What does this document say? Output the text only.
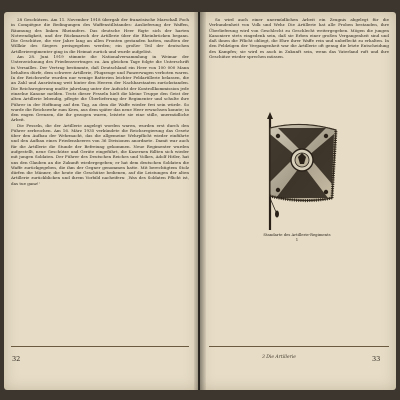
28 Geschützen. Am 11. November 1918 übergab der französische Marschall Foch in Compiègne die Bedingungen des Waffenstillstandes: Auslieferung der Waffen, Räumung des linken Rheinufers. Das deutsche Heer fügte sich der harten Notwendigkeit, und der Rückmarsch der Artillerie über die Rheinbrücken begann. Die Geschütze, die vier Jahre lang an allen Fronten gestanden hatten, mußten der Willkür des Siegers preisgegeben werden; ein großer Teil der deutschen Artillerieregimenter ging in die Heimat zurück und wurde aufgelöst.

Am 28. Juni 1919 stimmte die Nationalversammlung in Weimar der Unterzeichnung des Friedensvertrages zu. Am gleichen Tage folgte die Unterschrift in Versailles. Der Vertrag bestimmte, daß Deutschland ein Heer von 100 000 Mann behalten dürfe, dem schwere Artillerie, Flugzeuge und Panzerwagen verboten waren. In der Reichswehr wurden nur wenige Batterien leichter Feldartillerie belassen, die an Zahl und Ausrüstung weit hinter den Heeren der Nachbarstaaten zurückstanden. Die Reichsregierung mußte jahrelang unter der Aufsicht der Kontrollkommission jede einzelne Kanone melden. Trotz dieser Fesseln hielt die kleine Truppe den Geist der alten Artillerie lebendig, pflegte die Überlieferung der Regimenter und schulte ihre Führer in der Hoffnung auf den Tag, an dem die Waffe wieder frei sein würde. So wurde die Reichswehr zum Kern, aus dem später das neue Heer erwachsen konnte; in den engen Grenzen, die ihr gezogen waren, leistete sie eine stille, unermüdliche Arbeit.

Die Fesseln, die der Artillerie angelegt worden waren, wurden erst durch den Führer zerbrochen. Am 16. März 1935 verkündete die Reichsregierung das Gesetz über den Aufbau der Wehrmacht, das die allgemeine Wehrpflicht wieder einführte und den Aufbau eines Friedensheeres von 36 Divisionen anordnete. Damit war auch für die Artillerie die Stunde der Befreiung gekommen. Neue Regimenter wurden aufgestellt, neue Geschütze und Geräte eingeführt, die Kasernen füllten sich wieder mit jungen Soldaten. Der Führer des Deutschen Reiches und Volkes, Adolf Hitler, hat uns den Glauben an die Zukunft wiedergegeben; er hat dem deutschen Soldaten die Waffe zurückgegeben, die ihm der Gegner genommen hatte. Mit berechtigtem Stolz dürfen die Männer, die heute die Geschütze bedienen, auf die Leistungen der alten Artillerie zurückblicken und ihrem Vorbild nacheifern: ‚Was des Soldaten Pflicht ist, das tue ganz!'

32

So wird auch einer unermüdlichen Arbeit ein Zeugnis abgelegt für die Verbundenheit von Volk und Wehr. Die Artillerie hat alle Proben bestanden, ihre Überlieferung wird von Geschlecht zu Geschlecht weitergegeben. Mögen die jungen Kanoniere stets eingedenk sein, daß sie Erben einer großen Vergangenheit sind und daß ihnen die Pflicht obliegt, die Ehre ihrer Waffe rein und unbefleckt zu erhalten. In den Feldzügen der Vergangenheit war die Artillerie oft genug die letzte Entscheidung des Kampfes; sie wird es auch in Zukunft sein, wenn das Vaterland ruft und ihre Geschütze wieder sprechen müssen.

Standarte des Artillerie-Regiments 1
3 Die Artillerie	33
